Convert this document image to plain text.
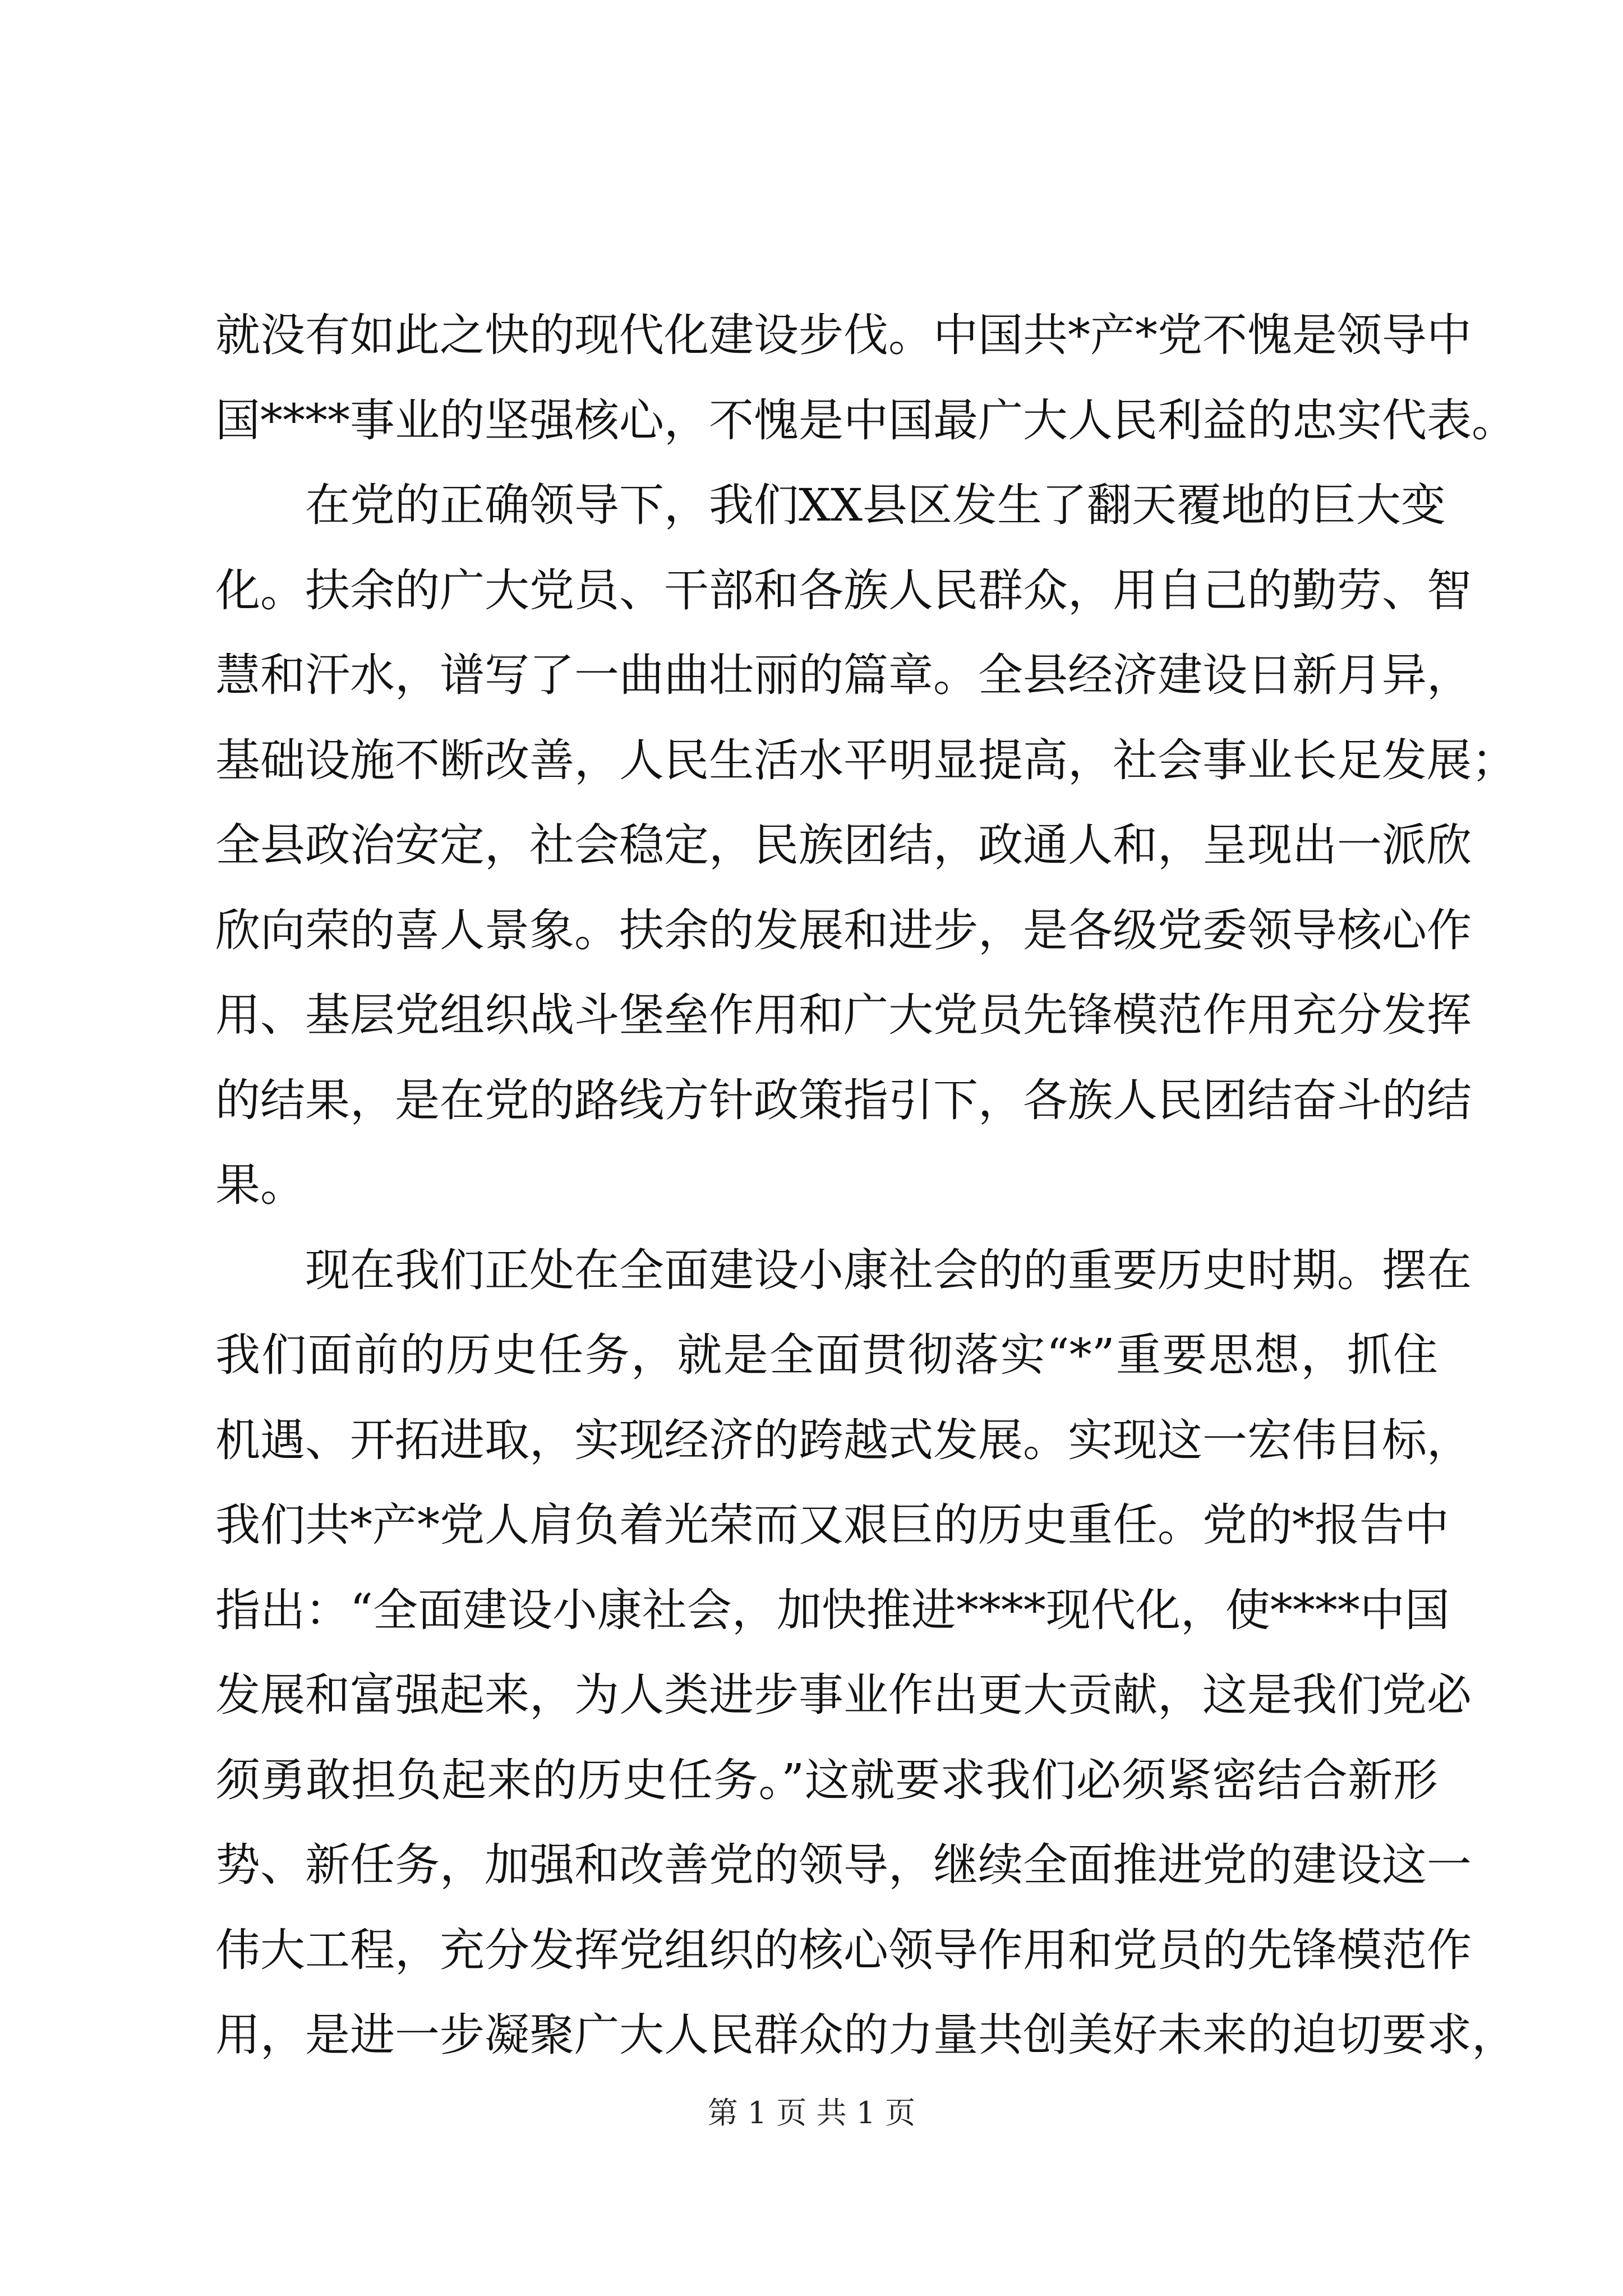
就没有如此之快的现代化建设步伐。中国共*产*党不愧是领导中
国****事业的坚强核心，不愧是中国最广大人民利益的忠实代表。
在党的正确领导下，我们XX县区发生了翻天覆地的巨大变
化。扶余的广大党员、干部和各族人民群众，用自己的勤劳、智
慧和汗水，谱写了一曲曲壮丽的篇章。全县经济建设日新月异，
基础设施不断改善，人民生活水平明显提高，社会事业长足发展；
全县政治安定，社会稳定，民族团结，政通人和，呈现出一派欣
欣向荣的喜人景象。扶余的发展和进步，是各级党委领导核心作
用、基层党组织战斗堡垒作用和广大党员先锋模范作用充分发挥
的结果，是在党的路线方针政策指引下，各族人民团结奋斗的结
果。
现在我们正处在全面建设小康社会的的重要历史时期。摆在
我们面前的历史任务，就是全面贯彻落实“*”重要思想，抓住
机遇、开拓进取，实现经济的跨越式发展。实现这一宏伟目标，
我们共*产*党人肩负着光荣而又艰巨的历史重任。党的*报告中
指出：“全面建设小康社会，加快推进****现代化，使****中国
发展和富强起来，为人类进步事业作出更大贡献，这是我们党必
须勇敢担负起来的历史任务。”这就要求我们必须紧密结合新形
势、新任务，加强和改善党的领导，继续全面推进党的建设这一
伟大工程，充分发挥党组织的核心领导作用和党员的先锋模范作
用，是进一步凝聚广大人民群众的力量共创美好未来的迫切要求，
第 1 页 共 1 页
